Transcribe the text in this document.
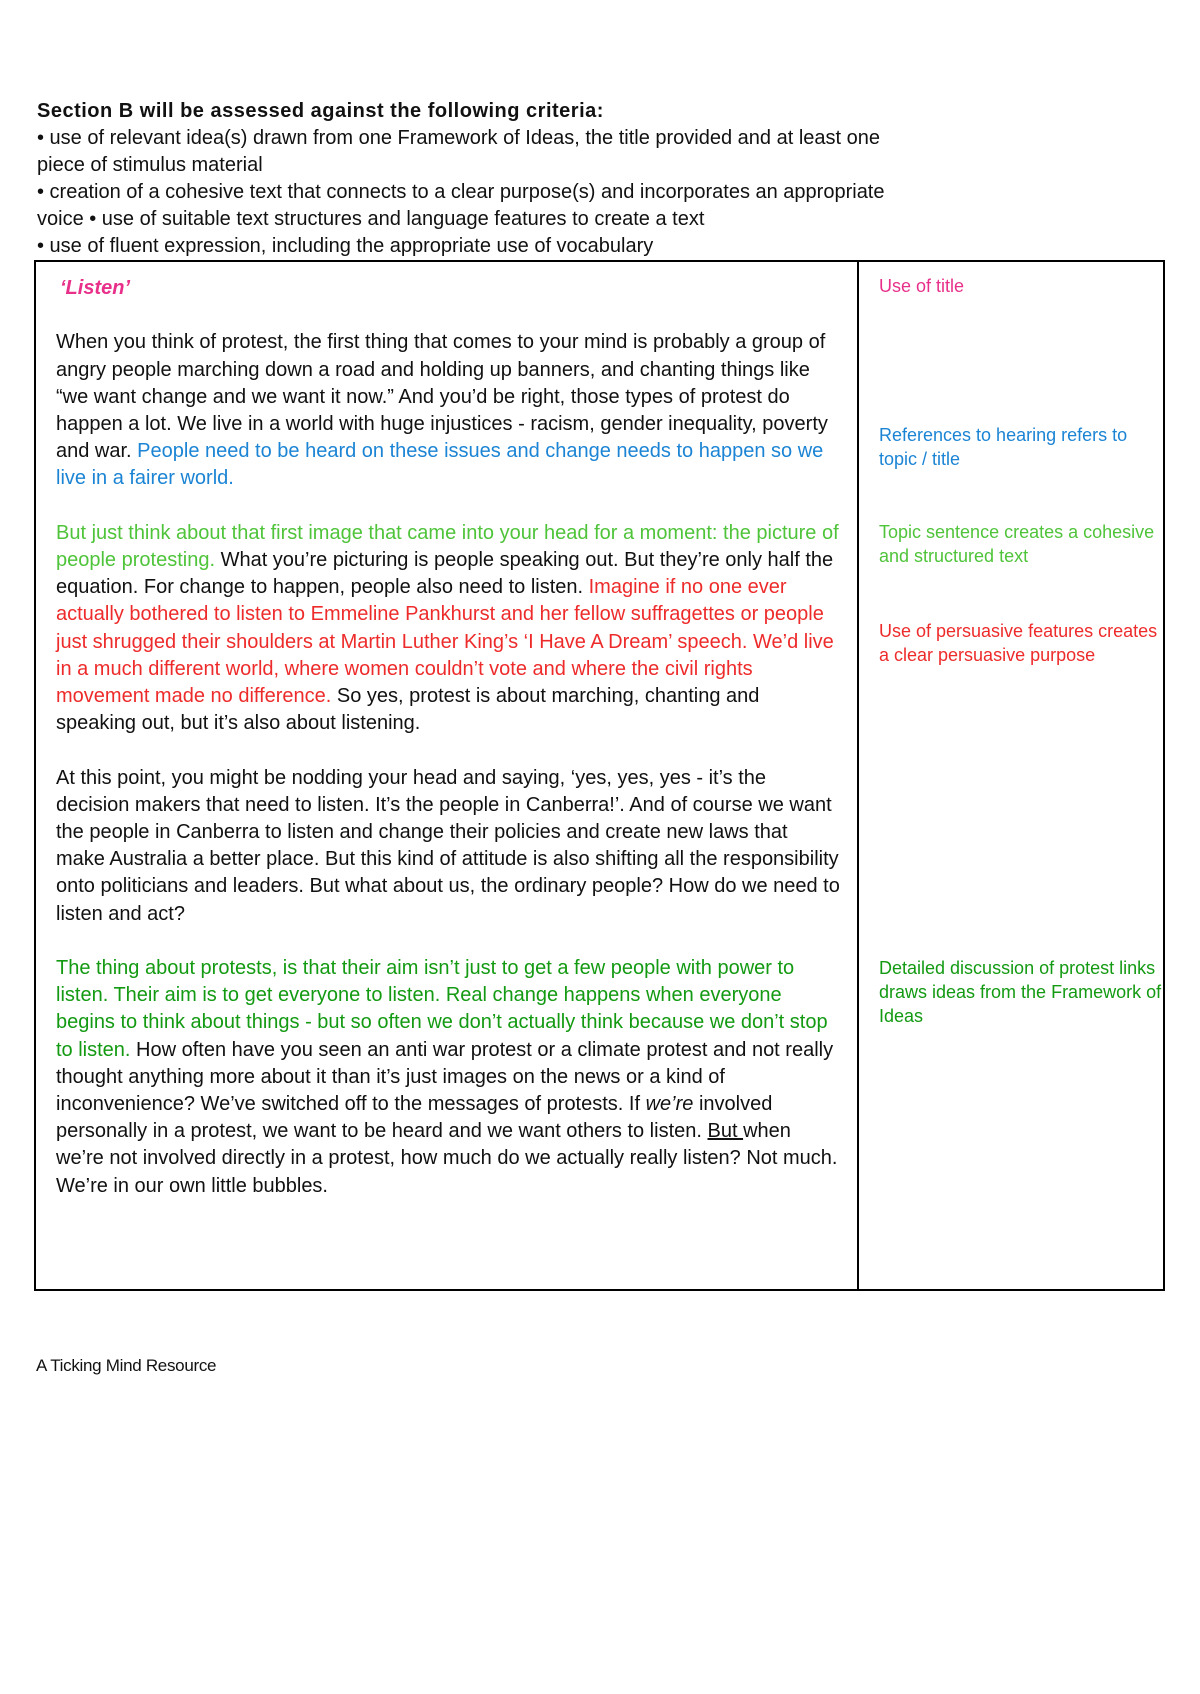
Section B will be assessed against the following criteria:
• use of relevant idea(s) drawn from one Framework of Ideas, the title provided and at least one
piece of stimulus material
• creation of a cohesive text that connects to a clear purpose(s) and incorporates an appropriate
voice • use of suitable text structures and language features to create a text
• use of fluent expression, including the appropriate use of vocabulary
‘Listen’

When you think of protest, the first thing that comes to your mind is probably a group of angry people marching down a road and holding up banners, and chanting things like “we want change and we want it now.” And you’d be right, those types of protest do happen a lot. We live in a world with huge injustices - racism, gender inequality, poverty and war. People need to be heard on these issues and change needs to happen so we live in a fairer world.

But just think about that first image that came into your head for a moment: the picture of people protesting. What you’re picturing is people speaking out. But they’re only half the equation. For change to happen, people also need to listen. Imagine if no one ever actually bothered to listen to Emmeline Pankhurst and her fellow suffragettes or people just shrugged their shoulders at Martin Luther King’s ‘I Have A Dream’ speech. We’d live in a much different world, where women couldn’t vote and where the civil rights movement made no difference. So yes, protest is about marching, chanting and speaking out, but it’s also about listening.

At this point, you might be nodding your head and saying, ‘yes, yes, yes - it’s the decision makers that need to listen. It’s the people in Canberra!’. And of course we want the people in Canberra to listen and change their policies and create new laws that make Australia a better place. But this kind of attitude is also shifting all the responsibility onto politicians and leaders. But what about us, the ordinary people? How do we need to listen and act?

The thing about protests, is that their aim isn’t just to get a few people with power to listen. Their aim is to get everyone to listen. Real change happens when everyone begins to think about things - but so often we don’t actually think because we don’t stop to listen. How often have you seen an anti war protest or a climate protest and not really thought anything more about it than it’s just images on the news or a kind of inconvenience? We’ve switched off to the messages of protests. If we’re involved personally in a protest, we want to be heard and we want others to listen. But when we’re not involved directly in a protest, how much do we actually really listen? Not much. We’re in our own little bubbles.

Use of title
References to hearing refers to topic / title
Topic sentence creates a cohesive and structured text
Use of persuasive features creates a clear persuasive purpose
Detailed discussion of protest links draws ideas from the Framework of Ideas
A Ticking Mind Resource
